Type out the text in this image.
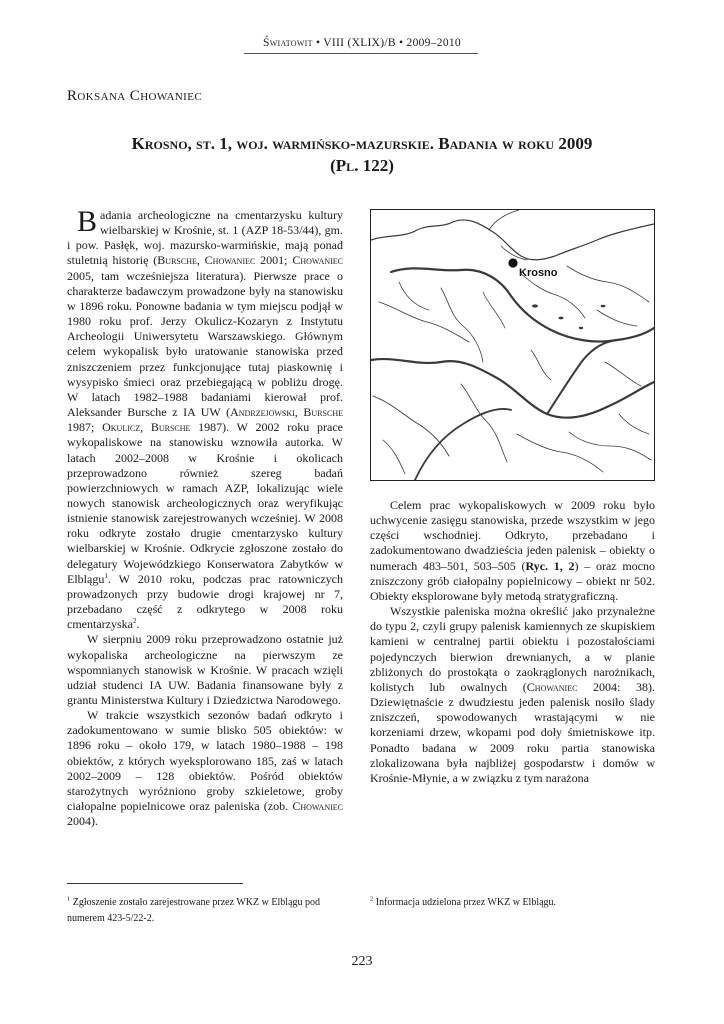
Światowit • VIII (XLIX)/B • 2009–2010
Roksana Chowaniec
Krosno, st. 1, woj. warmińsko-mazurskie. Badania w roku 2009
(Pl. 122)

Badania archeologiczne na cmentarzysku kultury wielbarskiej w Krośnie, st. 1 (AZP 18-53/44), gm. i pow. Pasłęk, woj. mazursko-warmińskie, mają ponad stuletnią historię (Bursche, Chowaniec 2001; Chowaniec 2005, tam wcześniejsza literatura). Pierwsze prace o charakterze badawczym prowadzone były na stanowisku w 1896 roku. Ponowne badania w tym miejscu podjął w 1980 roku prof. Jerzy Okulicz-Kozaryn z Instytutu Archeologii Uniwersytetu Warszawskiego. Głównym celem wykopalisk było uratowanie stanowiska przed zniszczeniem przez funkcjonujące tutaj piaskownię i wysypisko śmieci oraz przebiegającą w pobliżu drogę. W latach 1982–1988 badaniami kierował prof. Aleksander Bursche z IA UW (Andrzejowski, Bursche 1987; Okulicz, Bursche 1987). W 2002 roku prace wykopaliskowe na stanowisku wznowiła autorka. W latach 2002–2008 w Krośnie i okolicach przeprowadzono również szereg badań powierzchniowych w ramach AZP, lokalizując wiele nowych stanowisk archeologicznych oraz weryfikując istnienie stanowisk zarejestrowanych wcześniej. W 2008 roku odkryte zostało drugie cmentarzysko kultury wielbarskiej w Krośnie. Odkrycie zgłoszone zostało do delegatury Wojewódzkiego Konserwatora Zabytków w Elblągu$^1$. W 2010 roku, podczas prac ratowniczych prowadzonych przy budowie drogi krajowej nr 7, przebadano część z odkrytego w 2008 roku cmentarzyska$^2$.

W sierpniu 2009 roku przeprowadzono ostatnie już wykopaliska archeologiczne na pierwszym ze wspomnianych stanowisk w Krośnie. W pracach wzięli udział studenci IA UW. Badania finansowane były z grantu Ministerstwa Kultury i Dziedzictwa Narodowego.

W trakcie wszystkich sezonów badań odkryto i zadokumentowano w sumie blisko 505 obiektów: w 1896 roku – około 179, w latach 1980–1988 – 198 obiektów, z których wyeksplorowano 185, zaś w latach 2002–2009 – 128 obiektów. Pośród obiektów starożytnych wyróżniono groby szkieletowe, groby ciałopalne popielnicowe oraz paleniska (zob. Chowaniec 2004).

Krosno

Celem prac wykopaliskowych w 2009 roku było uchwycenie zasięgu stanowiska, przede wszystkim w jego części wschodniej. Odkryto, przebadano i zadokumentowano dwadzieścia jeden palenisk – obiekty o numerach 483–501, 503–505 (Ryc. 1, 2) – oraz mocno zniszczony grób ciałopalny popielnicowy – obiekt nr 502. Obiekty eksplorowane były metodą stratygraficzną.

Wszystkie paleniska można określić jako przynależne do typu 2, czyli grupy palenisk kamiennych ze skupiskiem kamieni w centralnej partii obiektu i pozostałościami pojedynczych bierwion drewnianych, a w planie zbliżonych do prostokąta o zaokrąglonych narożnikach, kolistych lub owalnych (Chowaniec 2004: 38). Dziewiętnaście z dwudziestu jeden palenisk nosiło ślady zniszczeń, spowodowanych wrastającymi w nie korzeniami drzew, wkopami pod doły śmietniskowe itp. Ponadto badana w 2009 roku partia stanowiska zlokalizowana była najbliżej gospodarstw i domów w Krośnie-Młynie, a w związku z tym narażona

$^1$ Zgłoszenie zostało zarejestrowane przez WKZ w Elblągu pod numerem 423-5/22-2.
$^2$ Informacja udzielona przez WKZ w Elblągu.
223
